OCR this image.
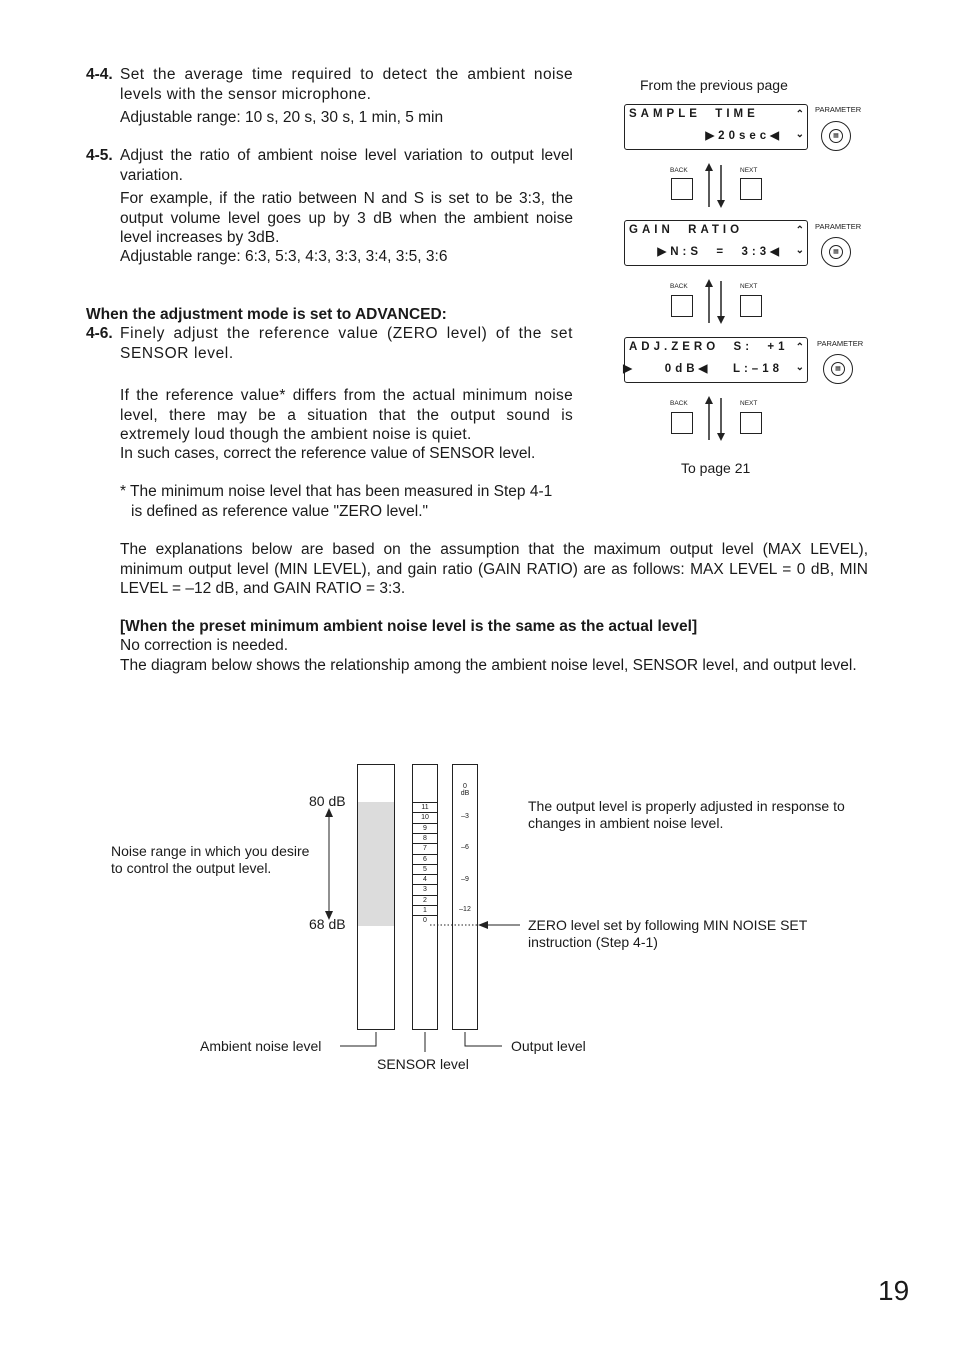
4-4. Set the average time required to detect the ambient noise levels with the sensor microphone.

Adjustable range: 10 s, 20 s, 30 s, 1 min, 5 min

4-5. Adjust the ratio of ambient noise level variation to output level variation.

For example, if the ratio between N and S is set to be 3:3, the output volume level goes up by 3 dB when the ambient noise level increases by 3dB.

Adjustable range: 6:3, 5:3, 4:3, 3:3, 3:4, 3:5, 3:6

When the adjustment mode is set to ADVANCED:

4-6. Finely adjust the reference value (ZERO level) of the set SENSOR level.

If the reference value* differs from the actual minimum noise level, there may be a situation that the output sound is extremely loud though the ambient noise is quiet.

In such cases, correct the reference value of SENSOR level.

* The minimum noise level that has been measured in Step 4-1

is defined as reference value "ZERO level."

The explanations below are based on the assumption that the maximum output level (MAX LEVEL), minimum output level (MIN LEVEL), and gain ratio (GAIN RATIO) are as follows: MAX LEVEL = 0 dB, MIN LEVEL = –12 dB, and GAIN RATIO = 3:3.

[When the preset minimum ambient noise level is the same as the actual level]

No correction is needed.

The diagram below shows the relationship among the ambient noise level, SENSOR level, and output level.

From the previous page

SAMPLE  TIME
▶20sec◀
⌃
⌄
PARAMETER
▦
BACK	NEXT
GAIN  RATIO
▶N:S  =  3:3◀
⌃
⌄
PARAMETER
▦
BACK	NEXT
ADJ.ZERO  S:  +1
▶    0dB◀   L:–18
⌃
⌄
PARAMETER
▦
BACK	NEXT

To page 21

11
10
9
8
7
6
5
4
3
2
1
0
0
dB
–3
–6
–9
–12
80 dB
68 dB

Noise range in which you desire to control the output level.

The output level is properly adjusted in response to changes in ambient noise level.

ZERO level set by following MIN NOISE SET instruction (Step 4-1)

Ambient noise level
SENSOR level
Output level
19
